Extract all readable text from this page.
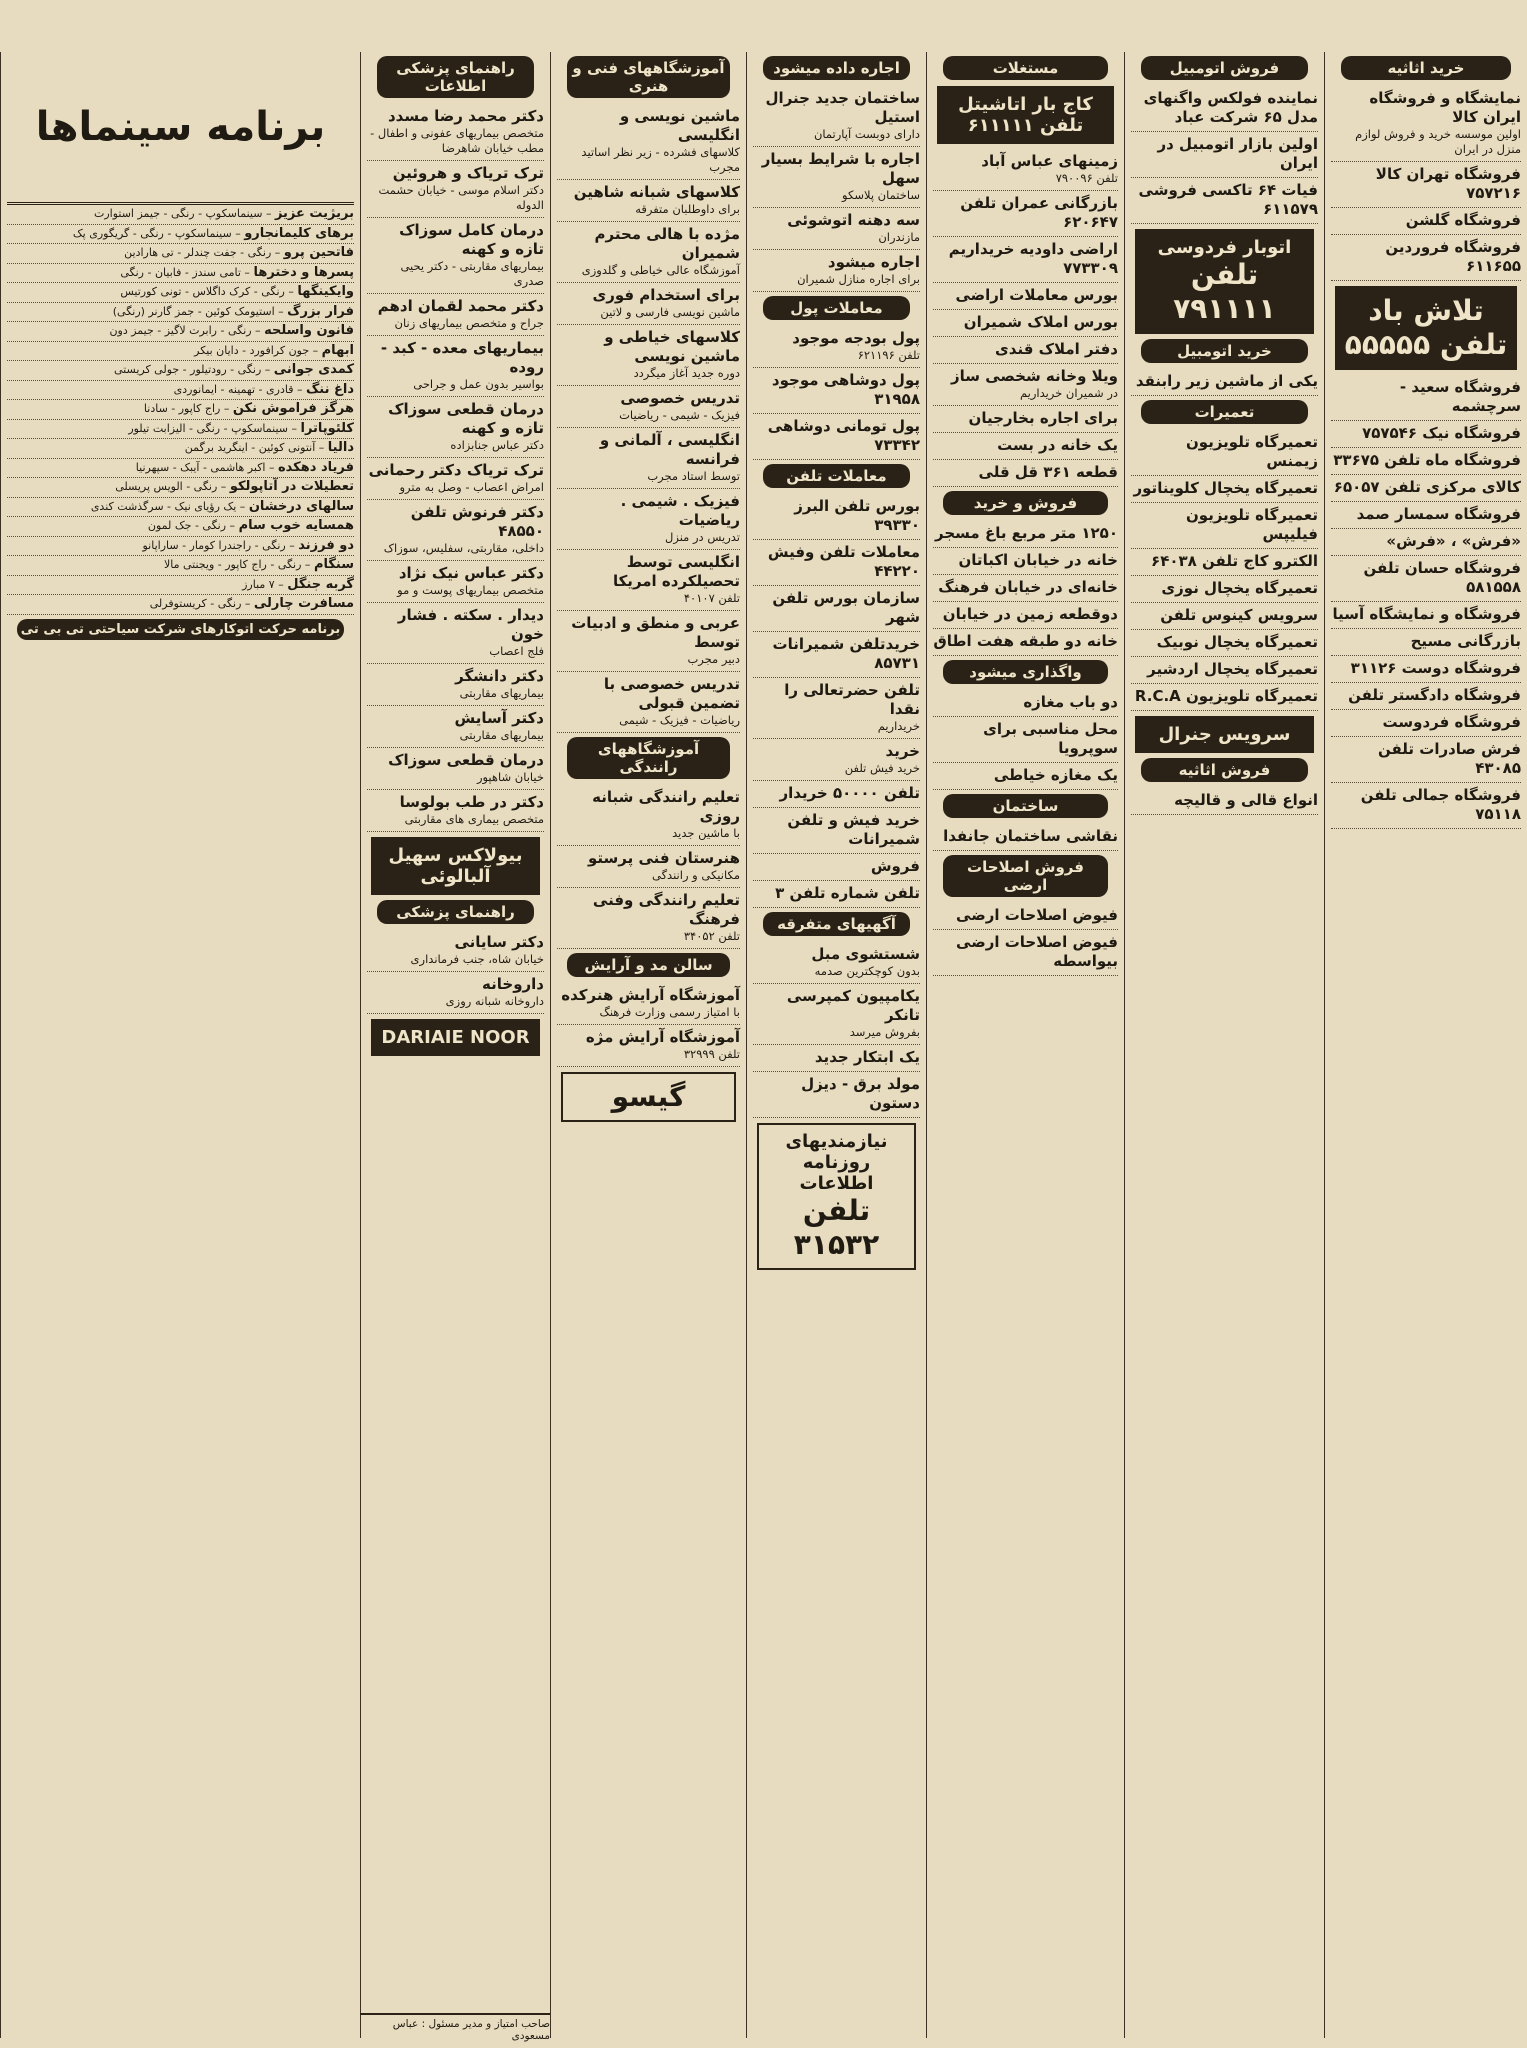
خرید اثاثیه
نمایشگاه و فروشگاه ایران کالا
اولین موسسه خرید و فروش لوازم منزل در ایران
فروشگاه تهران کالا ۷۵۷۲۱۶
فروشگاه گلشن
فروشگاه فروردین ۶۱۱۶۵۵
تلاش باد
تلفن ۵۵۵۵۵
فروشگاه سعید - سرچشمه
فروشگاه نیک ۷۵۷۵۴۶
فروشگاه ماه تلفن ۳۳۶۷۵
کالای مرکزی تلفن ۶۵۰۵۷
فروشگاه سمسار صمد
«فرش» ، «فرش»
فروشگاه حسان تلفن ۵۸۱۵۵۸
فروشگاه و نمایشگاه آسیا
بازرگانی مسیح
فروشگاه دوست ۳۱۱۲۶
فروشگاه دادگستر تلفن
فروشگاه فردوست
فرش صادرات تلفن ۴۳۰۸۵
فروشگاه جمالی تلفن ۷۵۱۱۸
فروش اتومبیل
نماینده فولکس واگنهای مدل ۶۵ شرکت عباد
اولین بازار اتومبیل در ایران
فیات ۶۴ تاکسی فروشی ۶۱۱۵۷۹
اتوبار فردوسی
تلفن ۷۹۱۱۱۱
خرید اتومبیل
یکی از ماشین زیر رابنقد
تعمیرات
تعمیرگاه تلویزیون زیمنس
تعمیرگاه یخچال کلویناتور
تعمیرگاه تلویزیون فیلیپس
الکترو کاج تلفن ۶۴۰۳۸
تعمیرگاه یخچال نوزی
سرویس کینوس تلفن
تعمیرگاه یخچال نوبیک
تعمیرگاه یخچال اردشیر
تعمیرگاه تلویزیون R.C.A
سرویس جنرال
فروش اثاثیه
انواع قالی و قالیچه
مستغلات
کاج بار اتاشیتل
تلفن ۶۱۱۱۱۱
زمینهای عباس آباد
تلفن ۷۹۰۰۹۶
بازرگانی عمران تلفن ۶۲۰۶۴۷
اراضی داودیه خریداریم ۷۷۳۳۰۹
بورس معاملات اراضی
بورس املاک شمیران
دفتر املاک قندی
ویلا وخانه شخصی ساز
در شمیران خریداریم
برای اجاره بخارجیان
یک خانه در بست
قطعه ۳۶۱ قل قلی
فروش و خرید
۱۲۵۰ متر مربع باغ مسجر
خانه در خیابان اکباتان
خانه‌ای در خیابان فرهنگ
دوقطعه زمین در خیابان
خانه دو طبقه هفت اطاق
واگذاری میشود
دو باب مغازه
محل مناسبی برای سوپرویا
یک مغازه خیاطی
ساختمان
نقاشی ساختمان جانفدا
فروش اصلاحات ارضی
فیوض اصلاحات ارضی
فیوض اصلاحات ارضی بیواسطه
اجاره داده میشود
ساختمان جدید جنرال استیل
دارای دوبست آپارتمان
اجاره با شرایط بسیار سهل
ساختمان پلاسکو
سه دهنه اتوشوئی
مازندران
اجاره میشود
برای اجاره منازل شمیران
معاملات پول
پول بودجه موجود
تلفن ۶۲۱۱۹۶
پول دوشاهی موجود ۳۱۹۵۸
پول تومانی دوشاهی ۷۳۳۴۲
معاملات تلفن
بورس تلفن البرز ۳۹۳۳۰
معاملات تلفن وفیش ۴۴۲۲۰
سازمان بورس تلفن شهر
خریدتلفن شمیرانات ۸۵۷۳۱
تلفن حضرتعالی را نقدا
خریداریم
خرید
خرید فیش تلفن
تلفن ۵۰۰۰۰ خریدار
خرید فیش و تلفن شمیرانات
فروش
تلفن شماره تلفن ۳
آگهیهای متفرقه
شستشوی مبل
بدون کوچکترین صدمه
یکامپیون کمپرسی تانکر
بفروش میرسد
یک ابتکار جدید
مولد برق - دیزل دستون
نیازمندیهای روزنامه اطلاعات
تلفن ۳۱۵۳۲
آموزشگاههای فنی و هنری
ماشین نویسی و انگلیسی
کلاسهای فشرده - زیر نظر اساتید مجرب
کلاسهای شبانه شاهین
برای داوطلبان متفرقه
مژده با هالی محترم شمیران
آموزشگاه عالی خیاطی و گلدوزی
برای استخدام فوری
ماشین نویسی فارسی و لاتین
کلاسهای خیاطی و ماشین نویسی
دوره جدید آغاز میگردد
تدریس خصوصی
فیزیک - شیمی - ریاضیات
انگلیسی ، آلمانی و فرانسه
توسط استاد مجرب
فیزیک . شیمی . ریاضیات
تدریس در منزل
انگلیسی توسط تحصیلکرده امریکا
تلفن ۴۰۱۰۷
عربی و منطق و ادبیات توسط
دبیر مجرب
تدریس خصوصی با تضمین قبولی
ریاضیات - فیزیک - شیمی
آموزشگاههای رانندگی
تعلیم رانندگی شبانه روزی
با ماشین جدید
هنرستان فنی پرستو
مکانیکی و رانندگی
تعلیم رانندگی وفنی فرهنگ
تلفن ۳۴۰۵۲
سالن مد و آرایش
آموزشگاه آرایش هنرکده
با امتیاز رسمی وزارت فرهنگ
آموزشگاه آرایش مژه
تلفن ۳۲۹۹۹
گیسو
راهنمای پزشکی اطلاعات
دکتر محمد رضا مسدد
متخصص بیماریهای عفونی و اطفال - مطب خیابان شاهرضا
ترک تریاک و هروئین
دکتر اسلام موسی - خیابان حشمت الدوله
درمان کامل سوزاک تازه و کهنه
بیماریهای مقاربتی - دکتر یحیی صدری
دکتر محمد لقمان ادهم
جراح و متخصص بیماریهای زنان
بیماریهای معده - کبد - روده
بواسیر بدون عمل و جراحی
درمان قطعی سوزاک تازه و کهنه
دکتر عباس جنابزاده
ترک تریاک دکتر رحمانی
امراض اعصاب - وصل به مترو
دکتر فرنوش تلفن ۴۸۵۵۰
داخلی، مقاربتی، سفلیس، سوزاک
دکتر عباس نیک نژاد
متخصص بیماریهای پوست و مو
دیدار . سکته . فشار خون
فلج اعصاب
دکتر دانشگر
بیماریهای مقاربتی
دکتر آسایش
بیماریهای مقاربتی
درمان قطعی سوزاک
خیابان شاهپور
دکتر در طب بولوسا
متخصص بیماری های مقاربتی
بیولاکس سهیل آلبالوئی
راهنمای پزشکی
دکتر سایانی
خیابان شاه، جنب فرمانداری
داروخانه
داروخانه شبانه روزی
DARIAIE NOOR
برنامه سینماها
بریژیت عزیز – سینماسکوپ - رنگی - جیمز استوارت
برهای کلیمانجارو – سینماسکوپ - رنگی - گریگوری پک
فاتحین پرو – رنگی - جفت چندلر - تی هارادین
پسرها و دخترها – تامی سندز - فابیان - رنگی
وایکینگها – رنگی - کرک داگلاس - تونی کورتیس
فرار بزرگ – استیومک کوئین - جمز گارنر (رنگی)
فانون واسلحه – رنگی - رابرت لاگیز - جیمز دون
ابهام – جون کرافورد - دایان بیکر
کمدی جوانی – رنگی - رودتیلور - جولی کریستی
داغ ننگ – قادری - تهمینه - ایمانوردی
هرگز فراموش نکن – راج کاپور - سادنا
کلئوپاترا – سینماسکوپ - رنگی - الیزابت تیلور
دالیا – آنتونی کوئین - اینگرید برگمن
فریاد دهکده – اکبر هاشمی - آیبک - سپهرنیا
تعطیلات در آتاپولکو – رنگی - الویس پریسلی
سالهای درخشان – یک رؤیای نیک - سرگذشت کندی
همسایه خوب سام – رنگی - جک لمون
دو فرزند – رنگی - راجندرا کومار - ساراپانو
سنگام – رنگی - راج کاپور - ویجنتی مالا
گربه جنگل – ۷ مبارز
مسافرت چارلی – رنگی - کریستوفرلی
برنامه حرکت اتوکارهای شرکت سیاحتی تی بی تی
صاحب امتیاز و مدیر مسئول : عباس مسعودی
